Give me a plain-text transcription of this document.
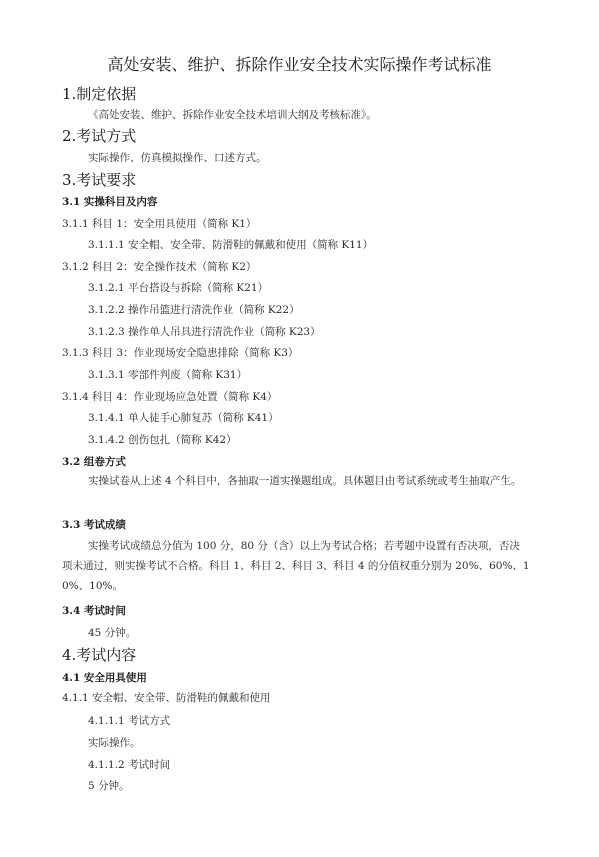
高处安装、维护、拆除作业安全技术实际操作考试标准
1.制定依据
《高处安装、维护、拆除作业安全技术培训大纲及考核标准》。
2.考试方式
实际操作、仿真模拟操作、口述方式。
3.考试要求
3.1 实操科目及内容
3.1.1 科目 1：安全用具使用（简称 K1）
3.1.1.1 安全帽、安全带、防滑鞋的佩戴和使用（简称 K11）
3.1.2 科目 2：安全操作技术（简称 K2）
3.1.2.1 平台搭设与拆除（简称 K21）
3.1.2.2 操作吊篮进行清洗作业（简称 K22）
3.1.2.3 操作单人吊具进行清洗作业（简称 K23）
3.1.3 科目 3：作业现场安全隐患排除（简称 K3）
3.1.3.1 零部件判废（简称 K31）
3.1.4 科目 4：作业现场应急处置（简称 K4）
3.1.4.1 单人徒手心肺复苏（简称 K41）
3.1.4.2 创伤包扎（简称 K42）
3.2 组卷方式
实操试卷从上述 4 个科目中，各抽取一道实操题组成。具体题目由考试系统或考生抽取产生。
3.3 考试成绩
实操考试成绩总分值为 100 分，80 分（含）以上为考试合格；若考题中设置有否决项，否决项未通过，则实操考试不合格。科目 1、科目 2、科目 3、科目 4 的分值权重分别为 20%、60%、10%、10%。
3.4 考试时间
45 分钟。
4.考试内容
4.1 安全用具使用
4.1.1 安全帽、安全带、防滑鞋的佩戴和使用
4.1.1.1 考试方式
实际操作。
4.1.1.2 考试时间
5 分钟。
